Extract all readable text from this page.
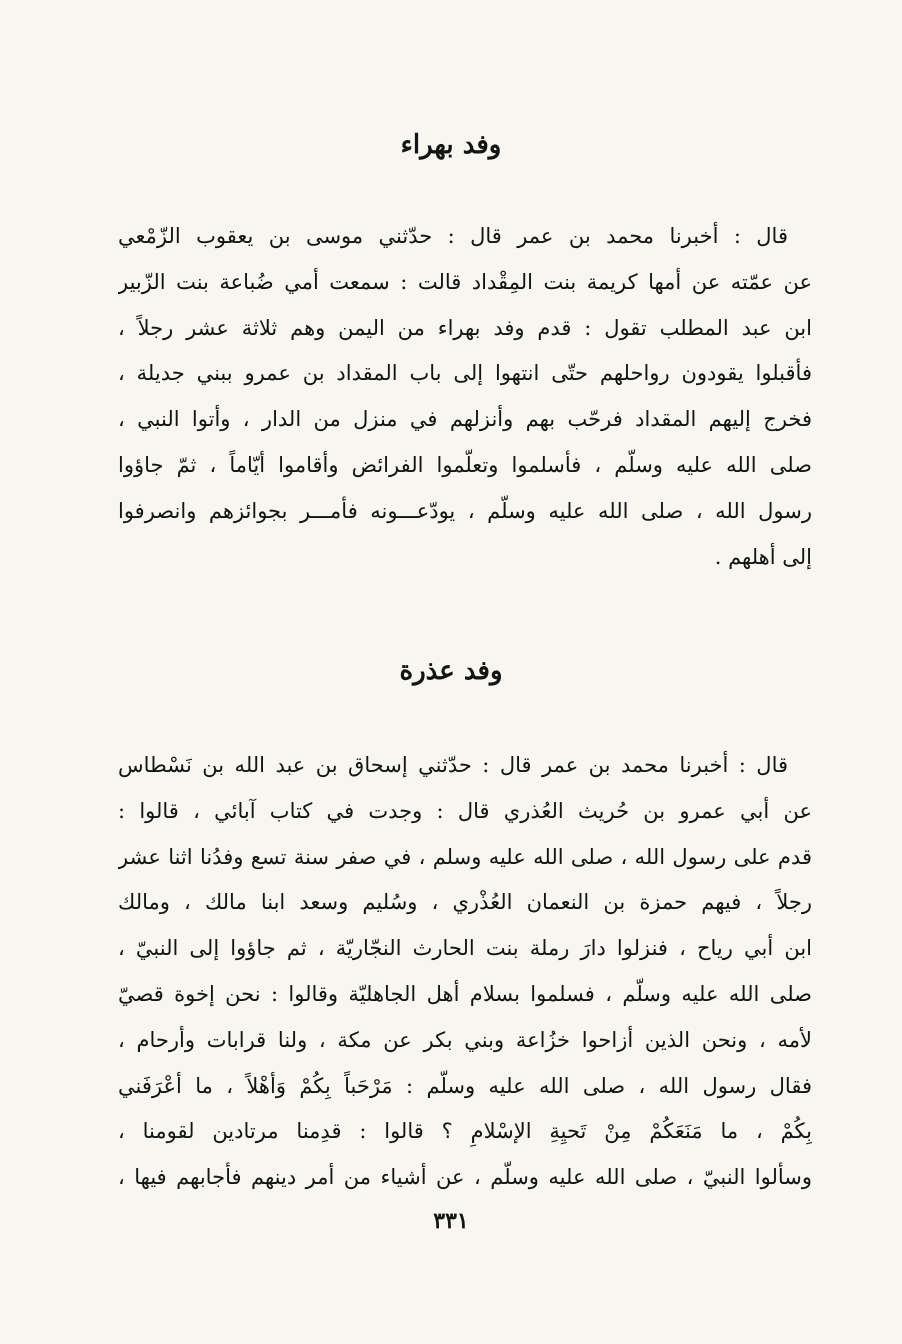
وفد بهراء
قال : أخبرنا محمد بن عمر قال : حدّثني موسى بن يعقوب الزّمْعي
عن عمّته عن أمها كريمة بنت المِقْداد قالت : سمعت أمي ضُباعة بنت الزّبير
ابن عبد المطلب تقول : قدم وفد بهراء من اليمن وهم ثلاثة عشر رجلاً ،
فأقبلوا يقودون رواحلهم حتّى انتهوا إلى باب المقداد بن عمرو ببني جديلة ،
فخرج إليهم المقداد فرحّب بهم وأنزلهم في منزل من الدار ، وأتوا النبي ،
صلى الله عليه وسلّم ، فأسلموا وتعلّموا الفرائض وأقاموا أيّاماً ، ثمّ جاؤوا
رسول الله ، صلى الله عليه وسلّم ، يودّعـــونه فأمـــر بجوائزهم وانصرفوا
إلى أهلهم .
وفد عذرة
قال : أخبرنا محمد بن عمر قال : حدّثني إسحاق بن عبد الله بن نَسْطاس
عن أبي عمرو بن حُريث العُذري قال : وجدت في كتاب آبائي ، قالوا :
قدم على رسول الله ، صلى الله عليه وسلم ، في صفر سنة تسع وفدُنا اثنا عشر
رجلاً ، فيهم حمزة بن النعمان العُذْري ، وسُليم وسعد ابنا مالك ، ومالك
ابن أبي رياح ، فنزلوا دارَ رملة بنت الحارث النجّاريّة ، ثم جاؤوا إلى النبيّ ،
صلى الله عليه وسلّم ، فسلموا بسلام أهل الجاهليّة وقالوا : نحن إخوة قصيّ
لأمه ، ونحن الذين أزاحوا خزُاعة وبني بكر عن مكة ، ولنا قرابات وأرحام ،
فقال رسول الله ، صلى الله عليه وسلّم : مَرْحَباً بِكُمْ وَأهْلاً ، ما أعْرَفَني
بِكُمْ ، ما مَنَعَكُمْ مِنْ تَحيِةِ الإسْلامِ ؟ قالوا : قدِمنا مرتادين لقومنا ،
وسألوا النبيّ ، صلى الله عليه وسلّم ، عن أشياء من أمر دينهم فأجابهم فيها ،
٣٣١
